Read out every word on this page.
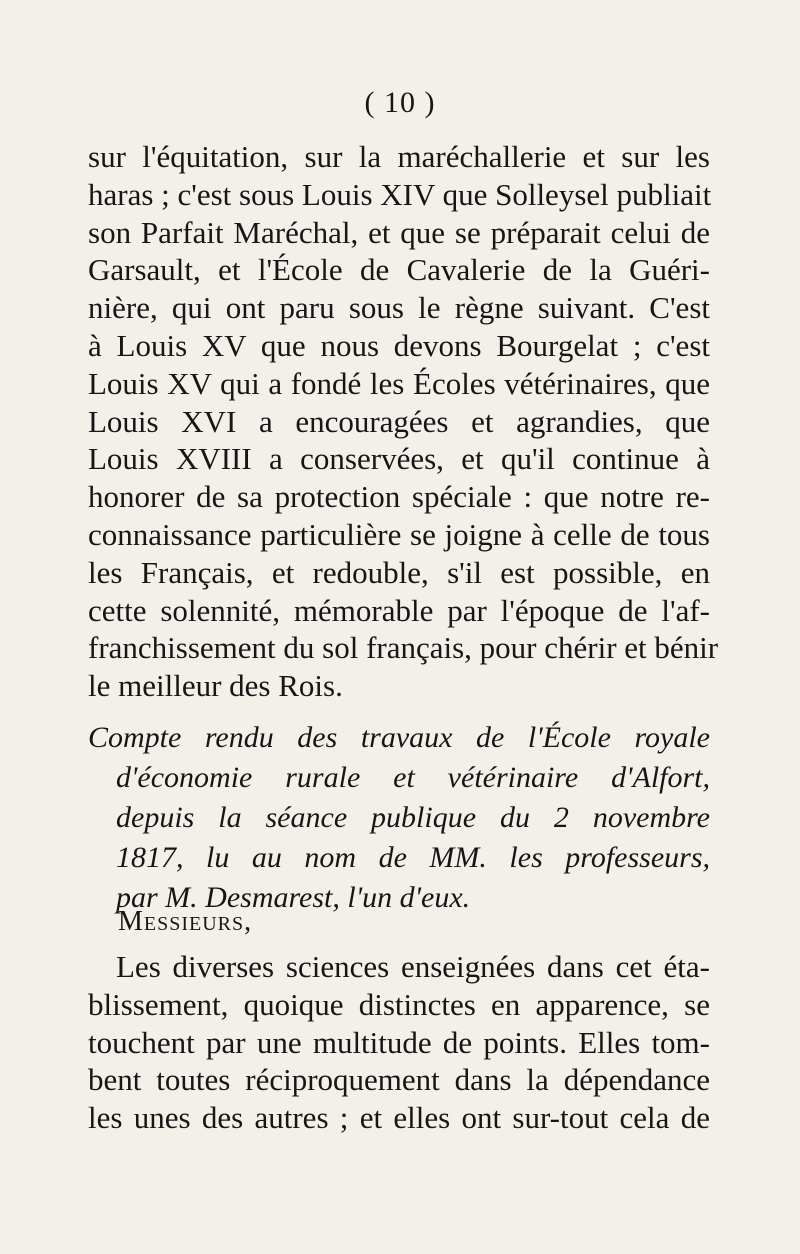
( 10 )
sur l'équitation, sur la maréchallerie et sur les
haras ; c'est sous Louis XIV que Solleysel publiait
son Parfait Maréchal, et que se préparait celui de
Garsault, et l'École de Cavalerie de la Guéri-
nière, qui ont paru sous le règne suivant. C'est
à Louis XV que nous devons Bourgelat ; c'est
Louis XV qui a fondé les Écoles vétérinaires, que
Louis XVI a encouragées et agrandies, que
Louis XVIII a conservées, et qu'il continue à
honorer de sa protection spéciale : que notre re-
connaissance particulière se joigne à celle de tous
les Français, et redouble, s'il est possible, en
cette solennité, mémorable par l'époque de l'af-
franchissement du sol français, pour chérir et bénir
le meilleur des Rois.
Compte rendu des travaux de l'École royale
d'économie rurale et vétérinaire d'Alfort,
depuis la séance publique du 2 novembre
1817, lu au nom de MM. les professeurs,
par M. Desmarest, l'un d'eux.
Messieurs,
Les diverses sciences enseignées dans cet éta-
blissement, quoique distinctes en apparence, se
touchent par une multitude de points. Elles tom-
bent toutes réciproquement dans la dépendance
les unes des autres ; et elles ont sur-tout cela de
